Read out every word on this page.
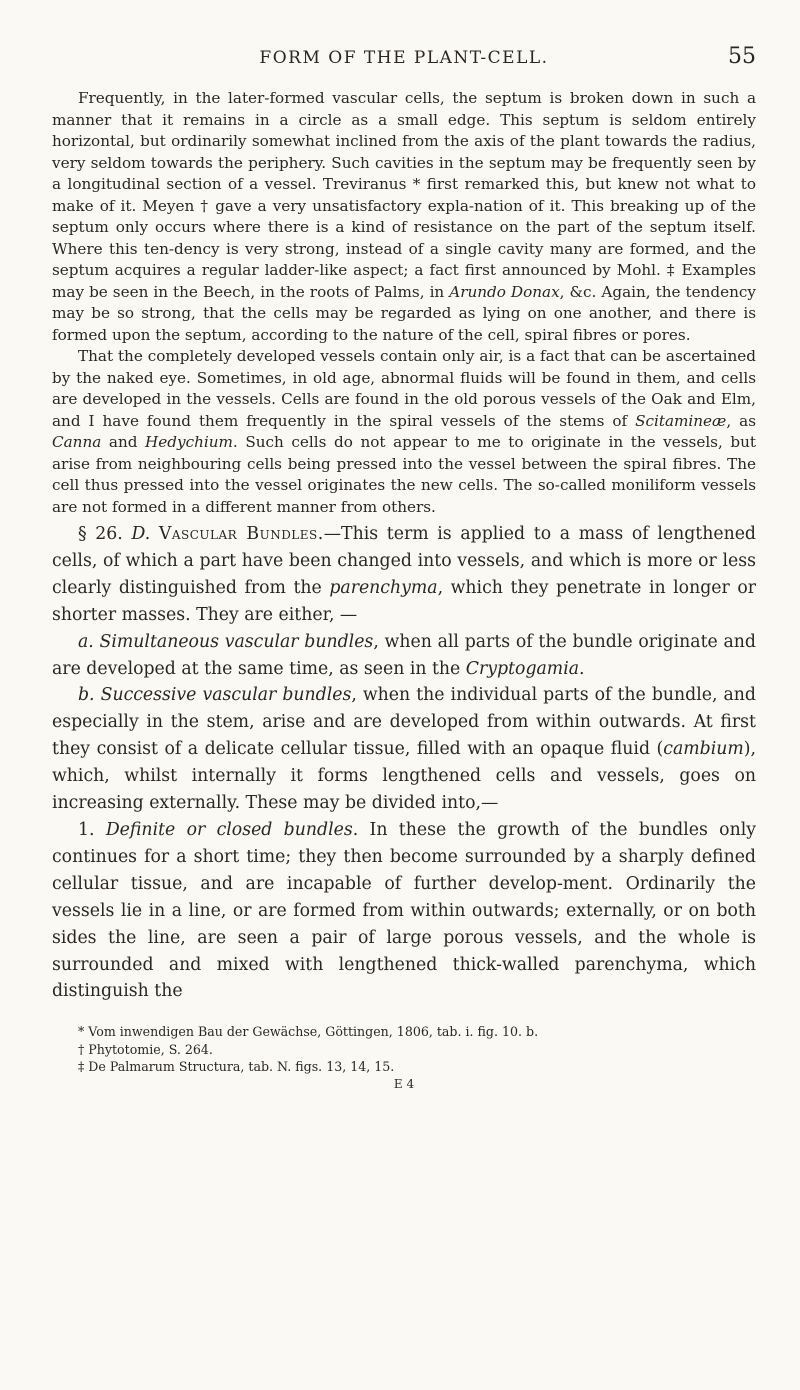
FORM OF THE PLANT-CELL.	55

Frequently, in the later-formed vascular cells, the septum is broken down in such a manner that it remains in a circle as a small edge. This septum is seldom entirely horizontal, but ordinarily somewhat inclined from the axis of the plant towards the radius, very seldom towards the periphery. Such cavities in the septum may be frequently seen by a longitudinal section of a vessel. Treviranus * first remarked this, but knew not what to make of it. Meyen † gave a very unsatisfactory expla-nation of it. This breaking up of the septum only occurs where there is a kind of resistance on the part of the septum itself. Where this ten-dency is very strong, instead of a single cavity many are formed, and the septum acquires a regular ladder-like aspect; a fact first announced by Mohl. ‡ Examples may be seen in the Beech, in the roots of Palms, in Arundo Donax, &c. Again, the tendency may be so strong, that the cells may be regarded as lying on one another, and there is formed upon the septum, according to the nature of the cell, spiral fibres or pores.

That the completely developed vessels contain only air, is a fact that can be ascertained by the naked eye. Sometimes, in old age, abnormal fluids will be found in them, and cells are developed in the vessels. Cells are found in the old porous vessels of the Oak and Elm, and I have found them frequently in the spiral vessels of the stems of Scitamineæ, as Canna and Hedychium. Such cells do not appear to me to originate in the vessels, but arise from neighbouring cells being pressed into the vessel between the spiral fibres. The cell thus pressed into the vessel originates the new cells. The so-called moniliform vessels are not formed in a different manner from others.

§ 26. D. Vascular Bundles.—This term is applied to a mass of lengthened cells, of which a part have been changed into vessels, and which is more or less clearly distinguished from the parenchyma, which they penetrate in longer or shorter masses. They are either, —

a. Simultaneous vascular bundles, when all parts of the bundle originate and are developed at the same time, as seen in the Cryptogamia.

b. Successive vascular bundles, when the individual parts of the bundle, and especially in the stem, arise and are developed from within outwards. At first they consist of a delicate cellular tissue, filled with an opaque fluid (cambium), which, whilst internally it forms lengthened cells and vessels, goes on increasing externally. These may be divided into,—

1. Definite or closed bundles. In these the growth of the bundles only continues for a short time; they then become surrounded by a sharply defined cellular tissue, and are incapable of further develop-ment. Ordinarily the vessels lie in a line, or are formed from within outwards; externally, or on both sides the line, are seen a pair of large porous vessels, and the whole is surrounded and mixed with lengthened thick-walled parenchyma, which distinguish the

* Vom inwendigen Bau der Gewächse, Göttingen, 1806, tab. i. fig. 10. b.
† Phytotomie, S. 264.
‡ De Palmarum Structura, tab. N. figs. 13, 14, 15.
E 4
